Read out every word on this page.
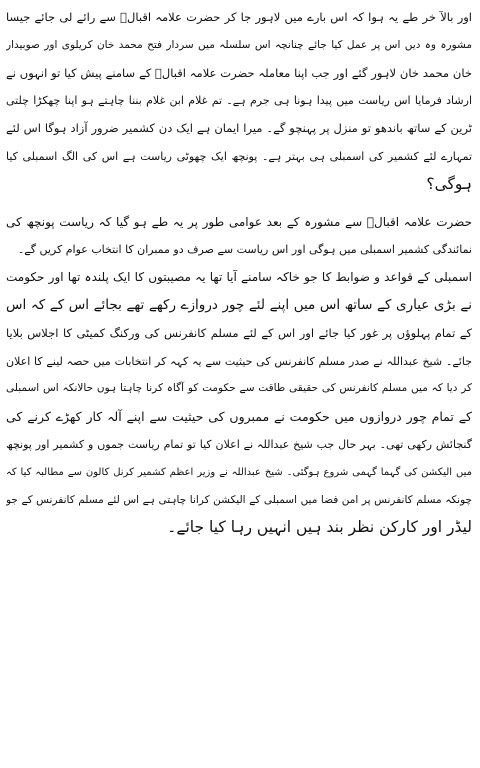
اور بالآ خر طے یہ ہوا کہ اس بارے میں لاہور جا کر حضرت علامہ اقبالؒ سے رائے لی جائے جیسا
مشورہ وہ دیں اس پر عمل کیا جائے چنانچہ اس سلسلہ میں سردار فتح محمد خان کریلوی اور صوبیدار
خان محمد خان لاہور گئے اور جب اپنا معاملہ حضرت علامہ اقبالؒ کے سامنے پیش کیا تو انہوں نے
ارشاد فرمایا اس ریاست میں پیدا ہونا ہی جرم ہے۔ تم غلام ابن غلام بننا چاہتے ہو اپنا چھکڑا چلتی
ٹرین کے ساتھ باندھو تو منزل پر پہنچو گے۔ میرا ایمان ہے ایک دن کشمیر ضرور آزاد ہوگا اس لئے
تمہارے لئے کشمیر کی اسمبلی ہی بہتر ہے۔ پونچھ ایک چھوٹی ریاست ہے اس کی الگ اسمبلی کیا
ہوگی؟
حضرت علامہ اقبالؒ سے مشورہ کے بعد عوامی طور پر یہ طے ہو گیا کہ ریاست پونچھ کی
نمائندگی کشمیر اسمبلی میں ہوگی اور اس ریاست سے صرف دو ممبران کا انتخاب عوام کریں گے۔
اسمبلی کے قواعد و ضوابط کا جو خاکہ سامنے آیا تھا یہ مصیبتوں کا ایک پلندہ تھا اور حکومت
نے بڑی عیاری کے ساتھ اس میں اپنے لئے چور دروازے رکھے تھے بجائے اس کے کہ اس
کے تمام پہلوؤں پر غور کیا جائے اور اس کے لئے مسلم کانفرنس کی ورکنگ کمیٹی کا اجلاس بلایا
جائے۔ شیخ عبداللہ نے صدر مسلم کانفرنس کی حیثیت سے یہ کہہ کر انتخابات میں حصہ لینے کا اعلان
کر دیا کہ میں مسلم کانفرنس کی حقیقی طاقت سے حکومت کو آگاہ کرنا چاہتا ہوں حالانکہ اس اسمبلی
کے تمام چور دروازوں میں حکومت نے ممبروں کی حیثیت سے اپنے آلہ کار کھڑے کرنے کی
گنجائش رکھی تھی۔ بہر حال جب شیخ عبداللہ نے اعلان کیا تو تمام ریاست جموں و کشمیر اور پونچھ
میں الیکشن کی گہما گہمی شروع ہوگئی۔ شیخ عبداللہ نے وزیر اعظم کشمیر کرنل کالون سے مطالبہ کیا کہ
چونکہ مسلم کانفرنس پر امن فضا میں اسمبلی کے الیکشن کرانا چاہتی ہے اس لئے مسلم کانفرنس کے جو
لیڈر اور کارکن نظر بند ہیں انہیں رہا کیا جائے۔
